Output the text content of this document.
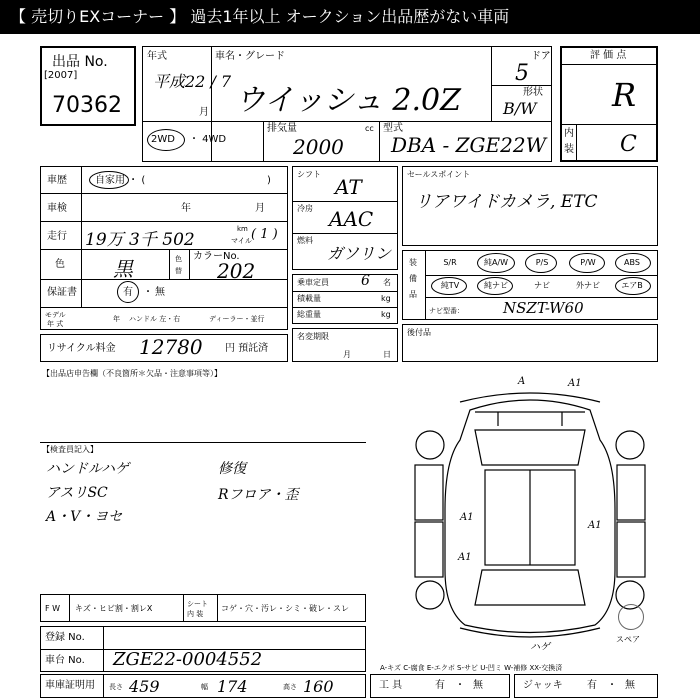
【 売切りEXコーナー 】 過去1年以上 オークション出品歴がない車両
出品 No.
[2007]
70362
年式
平成22 / 7
月
車名・グレード
ウイッシュ 2.0Z
ドア
5
形状
B/W
2WD ・ 4WD
排気量	cc
2000
型式
DBA - ZGE22W
評 価 点
R
内
装 C
車歴	自家用 ・ (	)
車検	年	月
走行 19万 3千 502
km
マイル ( 1 )
色 黒	色
替
カラーNo.
202
保証書	有 ・ 無
モデル
年 式
年 ハンドル 左・右	ディーラー・並行
リサイクル料金 12780 円 預託済
シフト
AT
冷房 AAC
燃料
ガソリン
乗車定員 6 名
積載量	kg
総重量	kg
名変期限
月	日
セールスポイント
リアワイドカメラ, ETC
装
備
品
S/R	純A/W	P/S	P/W	ABS
純TV	純ナビ	ナビ	外ナビ	エアB
ナビ型番：	NSZT-W60
後付品
【出品店申告欄（不良箇所＊欠品・注意事項等）】
【検査員記入】
ハンドルハゲ
アスリSC
A・V・ヨセ
修復
Rフロア・歪
A	A1
A1
A1
A1
ハゲ
スペア
F W キズ・ヒビ割・割レX	シート
内 装
コゲ・穴・汚レ・シミ・破レ・スレ
登録 No.
車台 No. ZGE22-0004552
車庫証明用 長さ 459	幅 174	高さ 160
A-キズ C-腐食 E-エクボ S-サビ U-凹ミ W-補修 XX-交換済
工 具	有 ・ 無	ジャッキ 有 ・ 無
